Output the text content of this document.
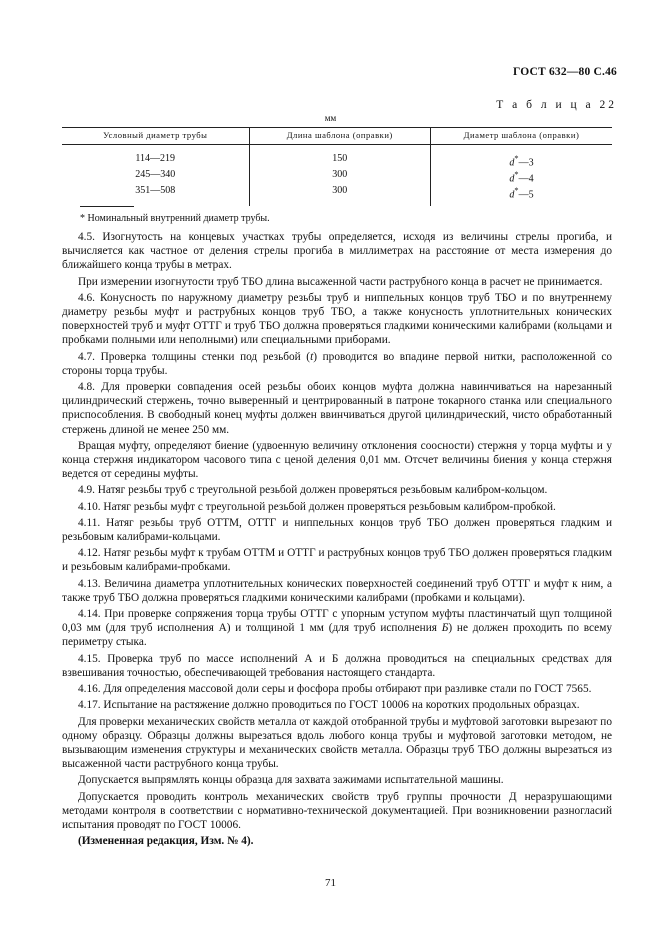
ГОСТ 632—80 С.46
Т а б л и ц а 22
мм
Условный диаметр трубы	Длина шаблона (оправки)	Диаметр шаблона (оправки)

114—219	150	d*—3
245—340	300	d*—4
351—508	300	d*—5
* Номинальный внутренний диаметр трубы.

4.5. Изогнутость на концевых участках трубы определяется, исходя из величины стрелы прогиба, и вычисляется как частное от деления стрелы прогиба в миллиметрах на расстояние от места измерения до ближайшего конца трубы в метрах.

При измерении изогнутости труб ТБО длина высаженной части раструбного конца в расчет не принимается.

4.6. Конусность по наружному диаметру резьбы труб и ниппельных концов труб ТБО и по внутреннему диаметру резьбы муфт и раструбных концов труб ТБО, а также конусность уплотнительных конических поверхностей труб и муфт ОТТГ и труб ТБО должна проверяться гладкими коническими калибрами (кольцами и пробками полными или неполными) или специальными приборами.

4.7. Проверка толщины стенки под резьбой (t) проводится во впадине первой нитки, расположенной со стороны торца трубы.

4.8. Для проверки совпадения осей резьбы обоих концов муфта должна навинчиваться на нарезанный цилиндрический стержень, точно выверенный и центрированный в патроне токарного станка или специального приспособления. В свободный конец муфты должен ввинчиваться другой цилиндрический, чисто обработанный стержень длиной не менее 250 мм.

Вращая муфту, определяют биение (удвоенную величину отклонения соосности) стержня у торца муфты и у конца стержня индикатором часового типа с ценой деления 0,01 мм. Отсчет величины биения у конца стержня ведется от середины муфты.

4.9. Натяг резьбы труб с треугольной резьбой должен проверяться резьбовым калибром-кольцом.

4.10. Натяг резьбы муфт с треугольной резьбой должен проверяться резьбовым калибром-пробкой.

4.11. Натяг резьбы труб ОТТМ, ОТТГ и ниппельных концов труб ТБО должен проверяться гладким и резьбовым калибрами-кольцами.

4.12. Натяг резьбы муфт к трубам ОТТМ и ОТТГ и раструбных концов труб ТБО должен проверяться гладким и резьбовым калибрами-пробками.

4.13. Величина диаметра уплотнительных конических поверхностей соединений труб ОТТГ и муфт к ним, а также труб ТБО должна проверяться гладкими коническими калибрами (пробками и кольцами).

4.14. При проверке сопряжения торца трубы ОТТГ с упорным уступом муфты пластинчатый щуп толщиной 0,03 мм (для труб исполнения А) и толщиной 1 мм (для труб исполнения Б) не должен проходить по всему периметру стыка.

4.15. Проверка труб по массе исполнений А и Б должна проводиться на специальных средствах для взвешивания точностью, обеспечивающей требования настоящего стандарта.

4.16. Для определения массовой доли серы и фосфора пробы отбирают при разливке стали по ГОСТ 7565.

4.17. Испытание на растяжение должно проводиться по ГОСТ 10006 на коротких продольных образцах.

Для проверки механических свойств металла от каждой отобранной трубы и муфтовой заготовки вырезают по одному образцу. Образцы должны вырезаться вдоль любого конца трубы и муфтовой заготовки методом, не вызывающим изменения структуры и механических свойств металла. Образцы труб ТБО должны вырезаться из высаженной части раструбного конца трубы.

Допускается выпрямлять концы образца для захвата зажимами испытательной машины.

Допускается проводить контроль механических свойств труб группы прочности Д неразрушающими методами контроля в соответствии с нормативно-технической документацией. При возникновении разногласий испытания проводят по ГОСТ 10006.

(Измененная редакция, Изм. № 4).

71
